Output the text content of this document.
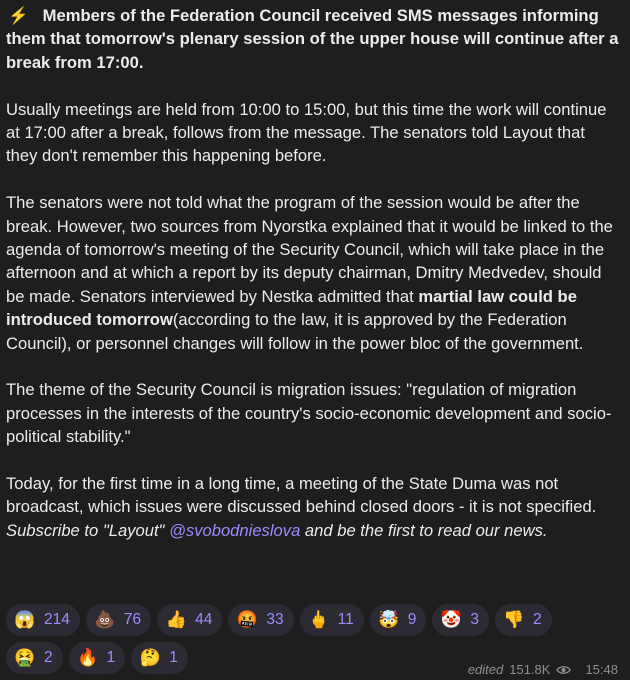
⚡ Members of the Federation Council received SMS messages informing them that tomorrow's plenary session of the upper house will continue after a break from 17:00.

Usually meetings are held from 10:00 to 15:00, but this time the work will continue at 17:00 after a break, follows from the message. The senators told Layout that they don't remember this happening before.

The senators were not told what the program of the session would be after the break. However, two sources from Nyorstka explained that it would be linked to the agenda of tomorrow's meeting of the Security Council, which will take place in the afternoon and at which a report by its deputy chairman, Dmitry Medvedev, should be made. Senators interviewed by Nestka admitted that martial law could be introduced tomorrow(according to the law, it is approved by the Federation Council), or personnel changes will follow in the power bloc of the government.

The theme of the Security Council is migration issues: "regulation of migration processes in the interests of the country's socio-economic development and socio-political stability."

Today, for the first time in a long time, a meeting of the State Duma was not broadcast, which issues were discussed behind closed doors - it is not specified. Subscribe to "Layout" @svobodnieslova and be the first to read our news.

😱 214 💩 76 👍 44 🤬 33 🖕 11 🤯 9 🤡 3 👎 2
🤮 2 🔥 1 🤔 1
edited 151.8K	15:48
